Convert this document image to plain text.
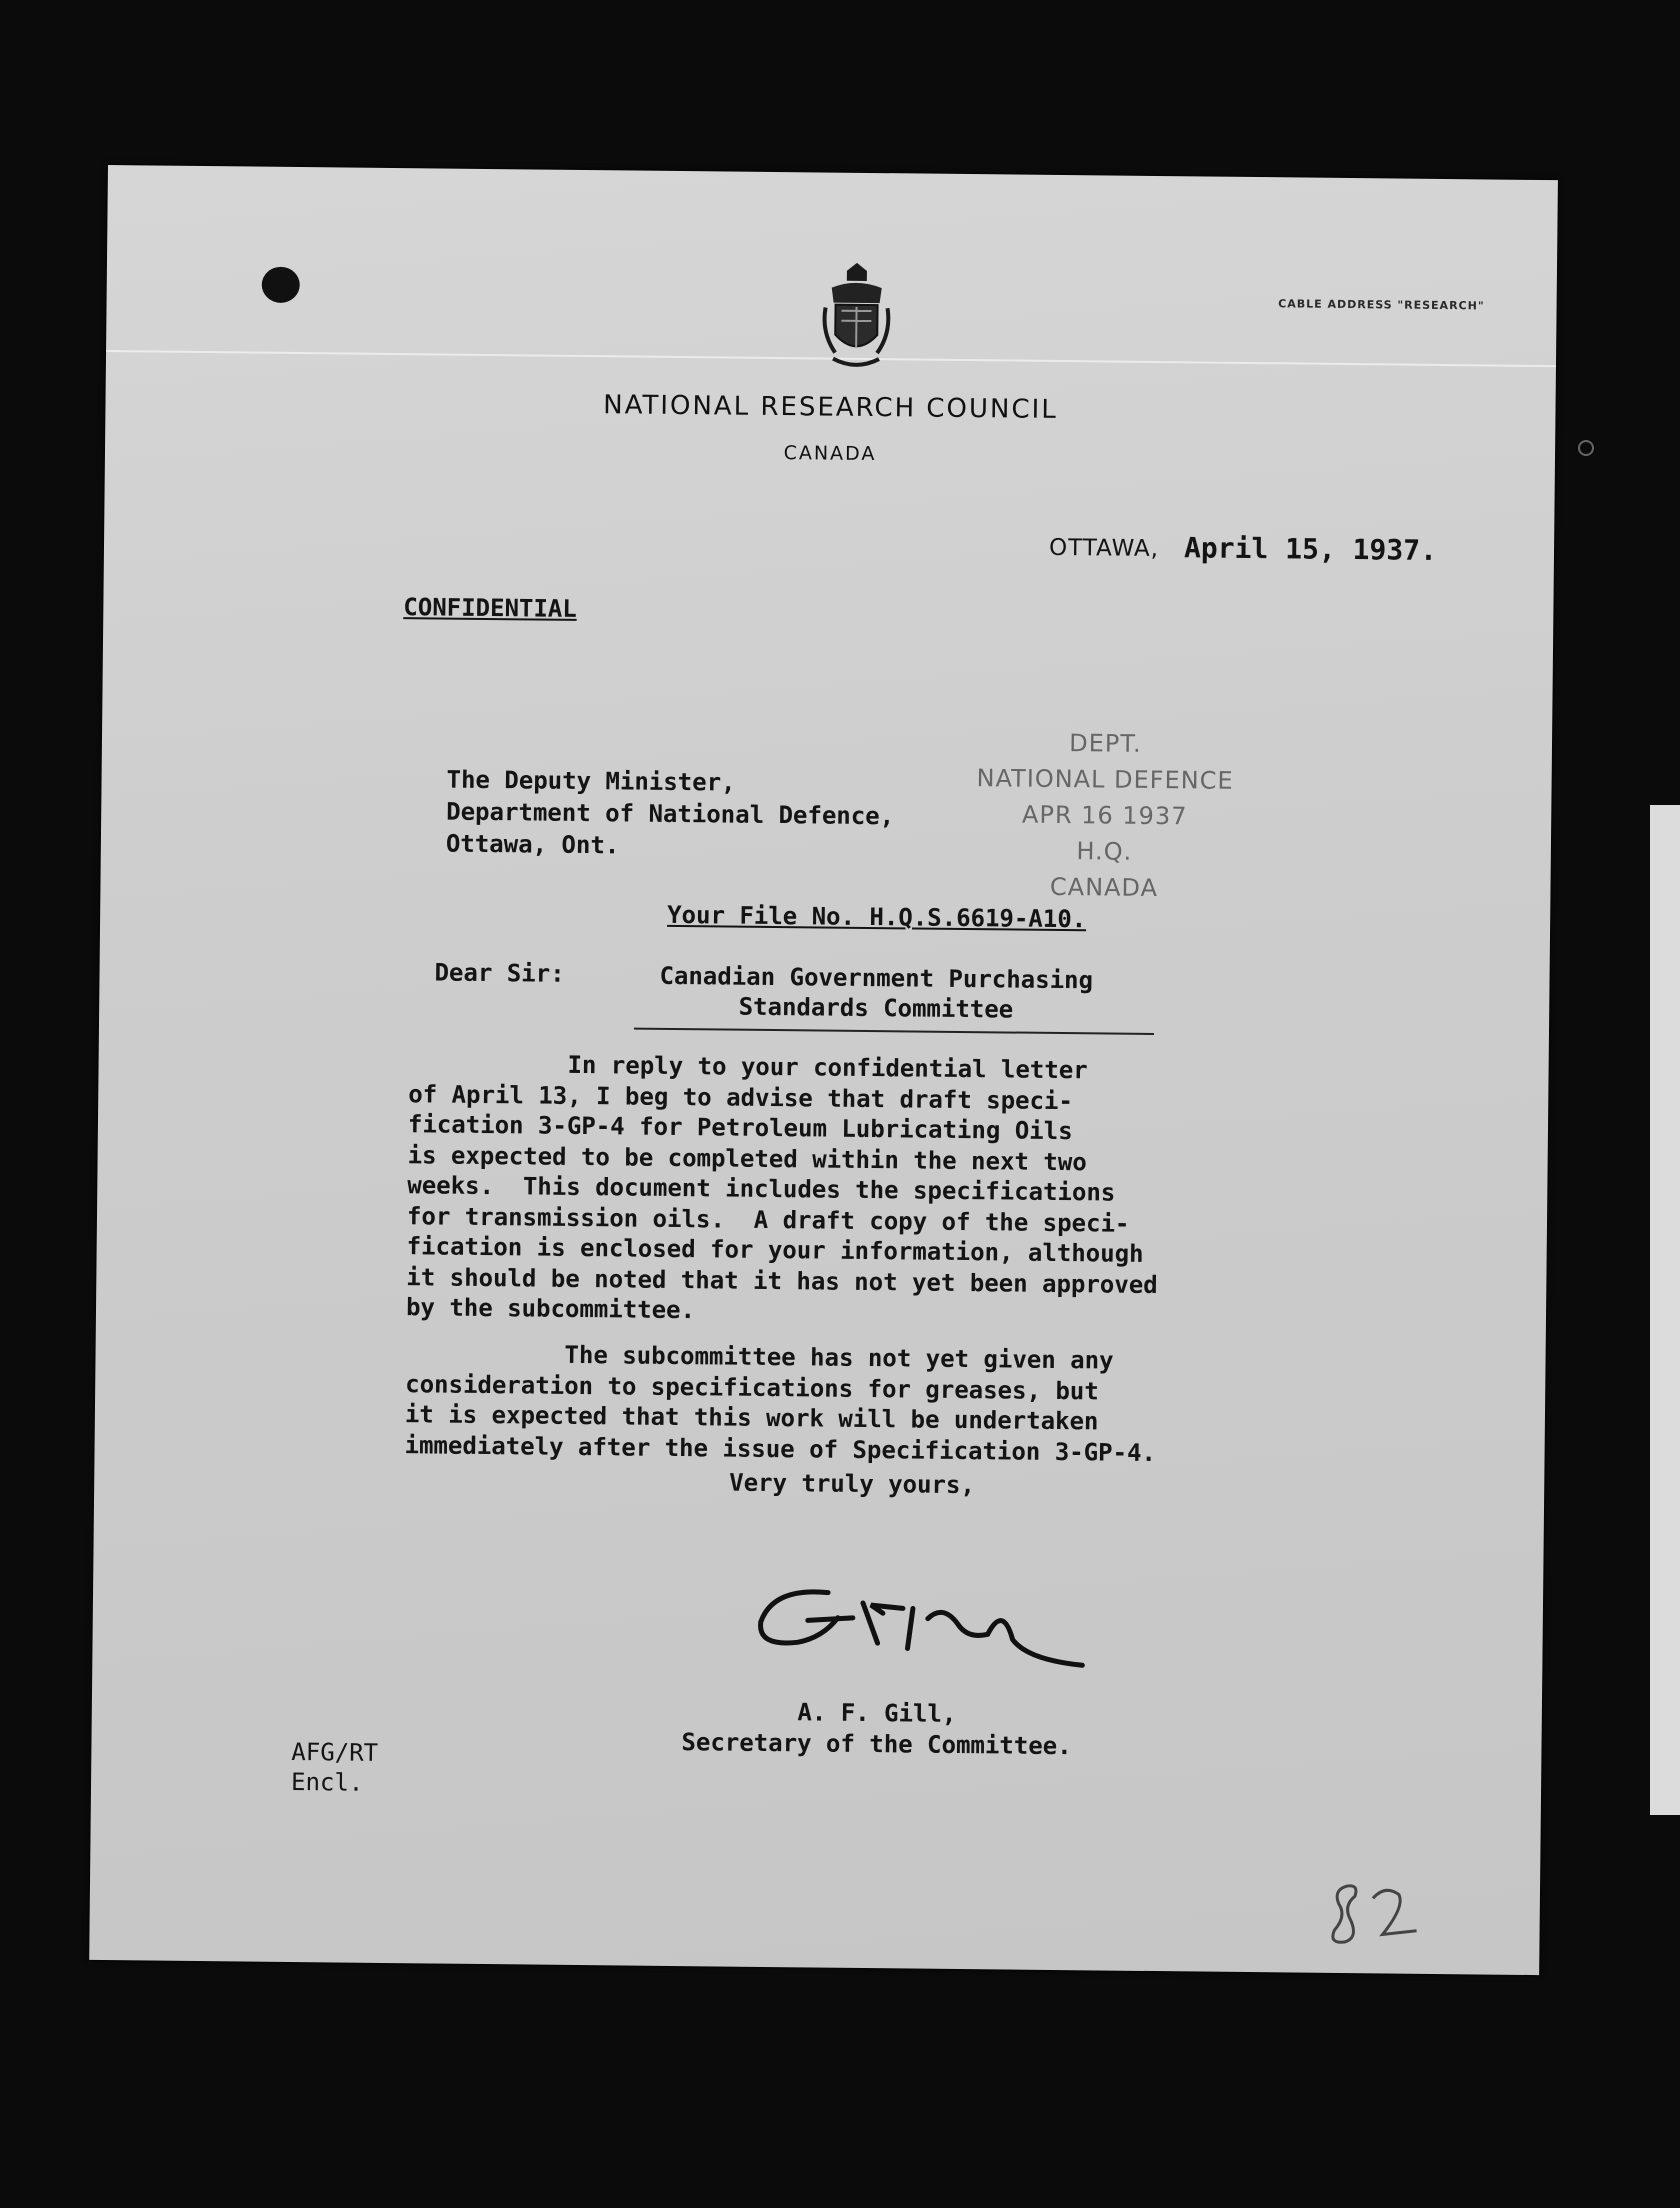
CABLE ADDRESS "RESEARCH"
NATIONAL RESEARCH COUNCIL
CANADA
OTTAWA, April 15, 1937.
CONFIDENTIAL
The Deputy Minister,
Department of National Defence,
Ottawa, Ont.
DEPT.
NATIONAL DEFENCE
APR 16 1937
H.Q.
CANADA
Your File No. H.Q.S.6619-A10.
Dear Sir:	Canadian Government Purchasing
Standards Committee
In reply to your confidential letter
of April 13, I beg to advise that draft speci-
fication 3-GP-4 for Petroleum Lubricating Oils
is expected to be completed within the next two
weeks.  This document includes the specifications
for transmission oils.  A draft copy of the speci-
fication is enclosed for your information, although
it should be noted that it has not yet been approved
by the subcommittee.
The subcommittee has not yet given any
consideration to specifications for greases, but
it is expected that this work will be undertaken
immediately after the issue of Specification 3-GP-4.
Very truly yours,
A. F. Gill,
Secretary of the Committee.
AFG/RT
Encl.
